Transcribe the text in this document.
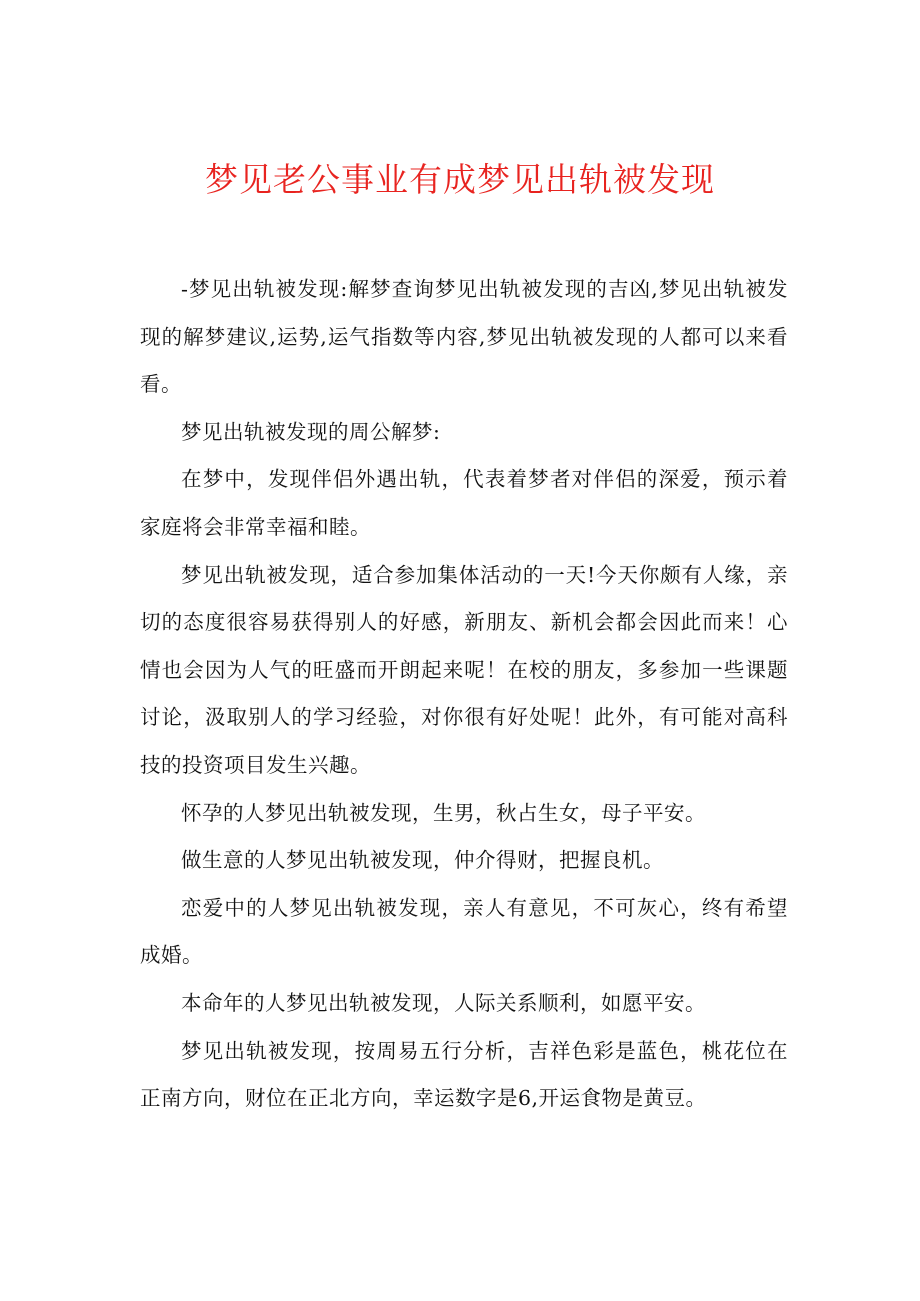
梦见老公事业有成梦见出轨被发现

-梦见出轨被发现:解梦查询梦见出轨被发现的吉凶,梦见出轨被发现的解梦建议,运势,运气指数等内容,梦见出轨被发现的人都可以来看看。

梦见出轨被发现的周公解梦:

在梦中，发现伴侣外遇出轨，代表着梦者对伴侣的深爱，预示着家庭将会非常幸福和睦。

梦见出轨被发现，适合参加集体活动的一天!今天你颇有人缘，亲切的态度很容易获得别人的好感，新朋友、新机会都会因此而来！心情也会因为人气的旺盛而开朗起来呢！在校的朋友，多参加一些课题讨论，汲取别人的学习经验，对你很有好处呢！此外，有可能对高科技的投资项目发生兴趣。

怀孕的人梦见出轨被发现，生男，秋占生女，母子平安。

做生意的人梦见出轨被发现，仲介得财，把握良机。

恋爱中的人梦见出轨被发现，亲人有意见，不可灰心，终有希望成婚。

本命年的人梦见出轨被发现，人际关系顺利，如愿平安。

梦见出轨被发现，按周易五行分析，吉祥色彩是蓝色，桃花位在正南方向，财位在正北方向，幸运数字是6,开运食物是黄豆。
